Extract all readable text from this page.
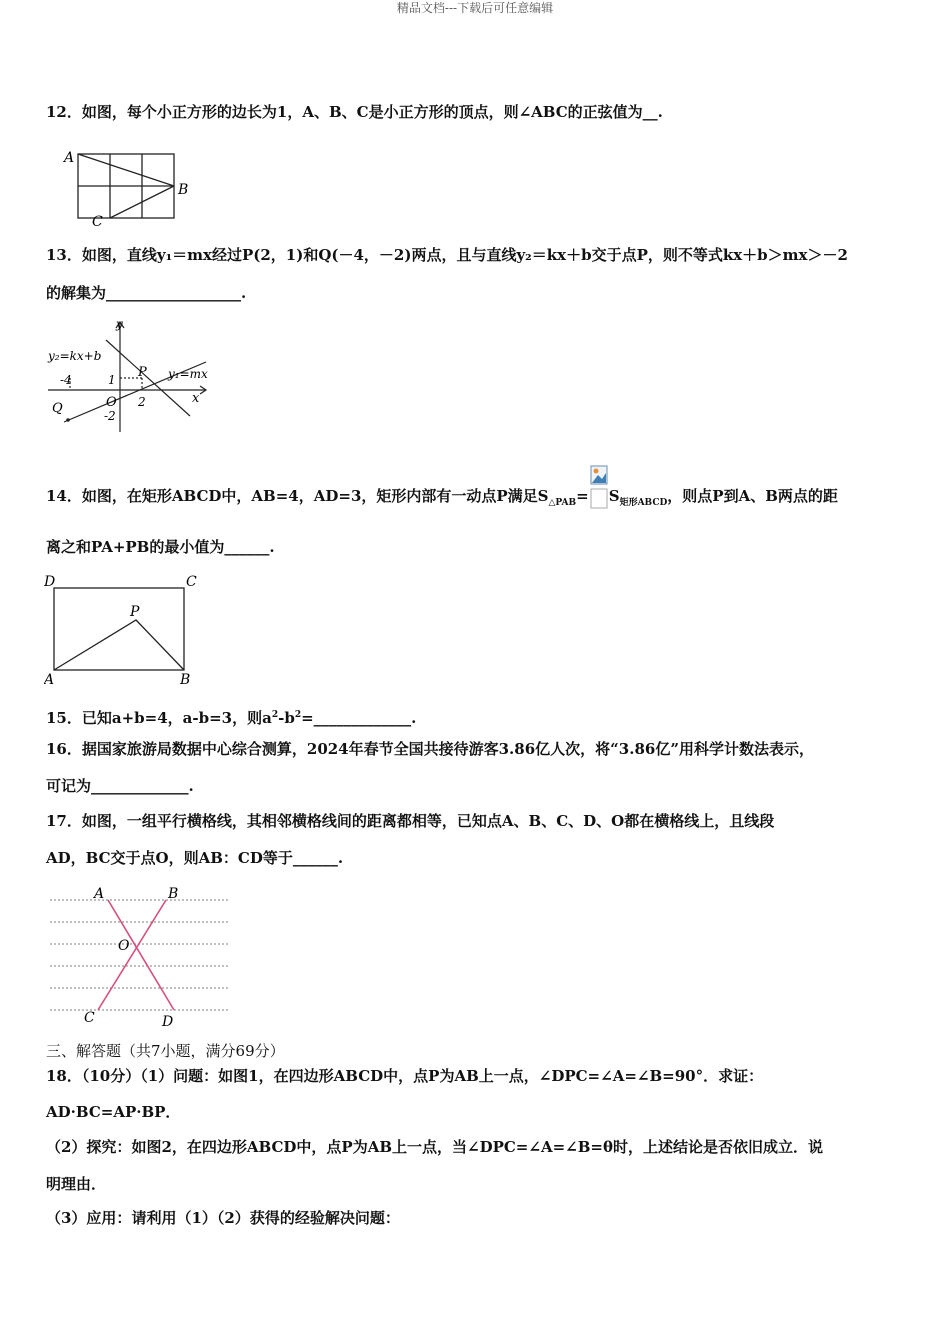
精品文档---下载后可任意编辑
12．如图，每个小正方形的边长为1，A、B、C是小正方形的顶点，则∠ABC的正弦值为__.
A
B
C
13．如图，直线y₁＝mx经过P(2，1)和Q(－4，－2)两点，且与直线y₂＝kx＋b交于点P，则不等式kx＋b＞mx＞－2
的解集为__________________.
y
x
y₂=kx+b
y₁=mx
-4	1 P
Q	O 2
-2
14．如图，在矩形ABCD中，AB=4，AD=3，矩形内部有一动点P满足$S_{\triangle PAB}= S_{矩形ABCD}$，则点P到A、B两点的距
离之和PA+PB的最小值为______.
D	C
P
A	B
15．已知a+b=4，a-b=3，则$a^2-b^2=\_\_\_\_\_\_\_\_\_\_\_\_\_$.
16．据国家旅游局数据中心综合测算，2024年春节全国共接待游客3.86亿人次，将“3.86亿”用科学计数法表示，
可记为_____________.
17．如图，一组平行横格线，其相邻横格线间的距离都相等，已知点A、B、C、D、O都在横格线上，且线段
AD，BC交于点O，则AB：CD等于______.
A	B
O
C	D
三、解答题（共7小题，满分69分）
18．（10分）（1）问题：如图1，在四边形ABCD中，点P为AB上一点，∠DPC=∠A=∠B=90°．求证：
AD·BC=AP·BP．
（2）探究：如图2，在四边形ABCD中，点P为AB上一点，当∠DPC=∠A=∠B=θ时，上述结论是否依旧成立．说
明理由．
（3）应用：请利用（1）（2）获得的经验解决问题：
